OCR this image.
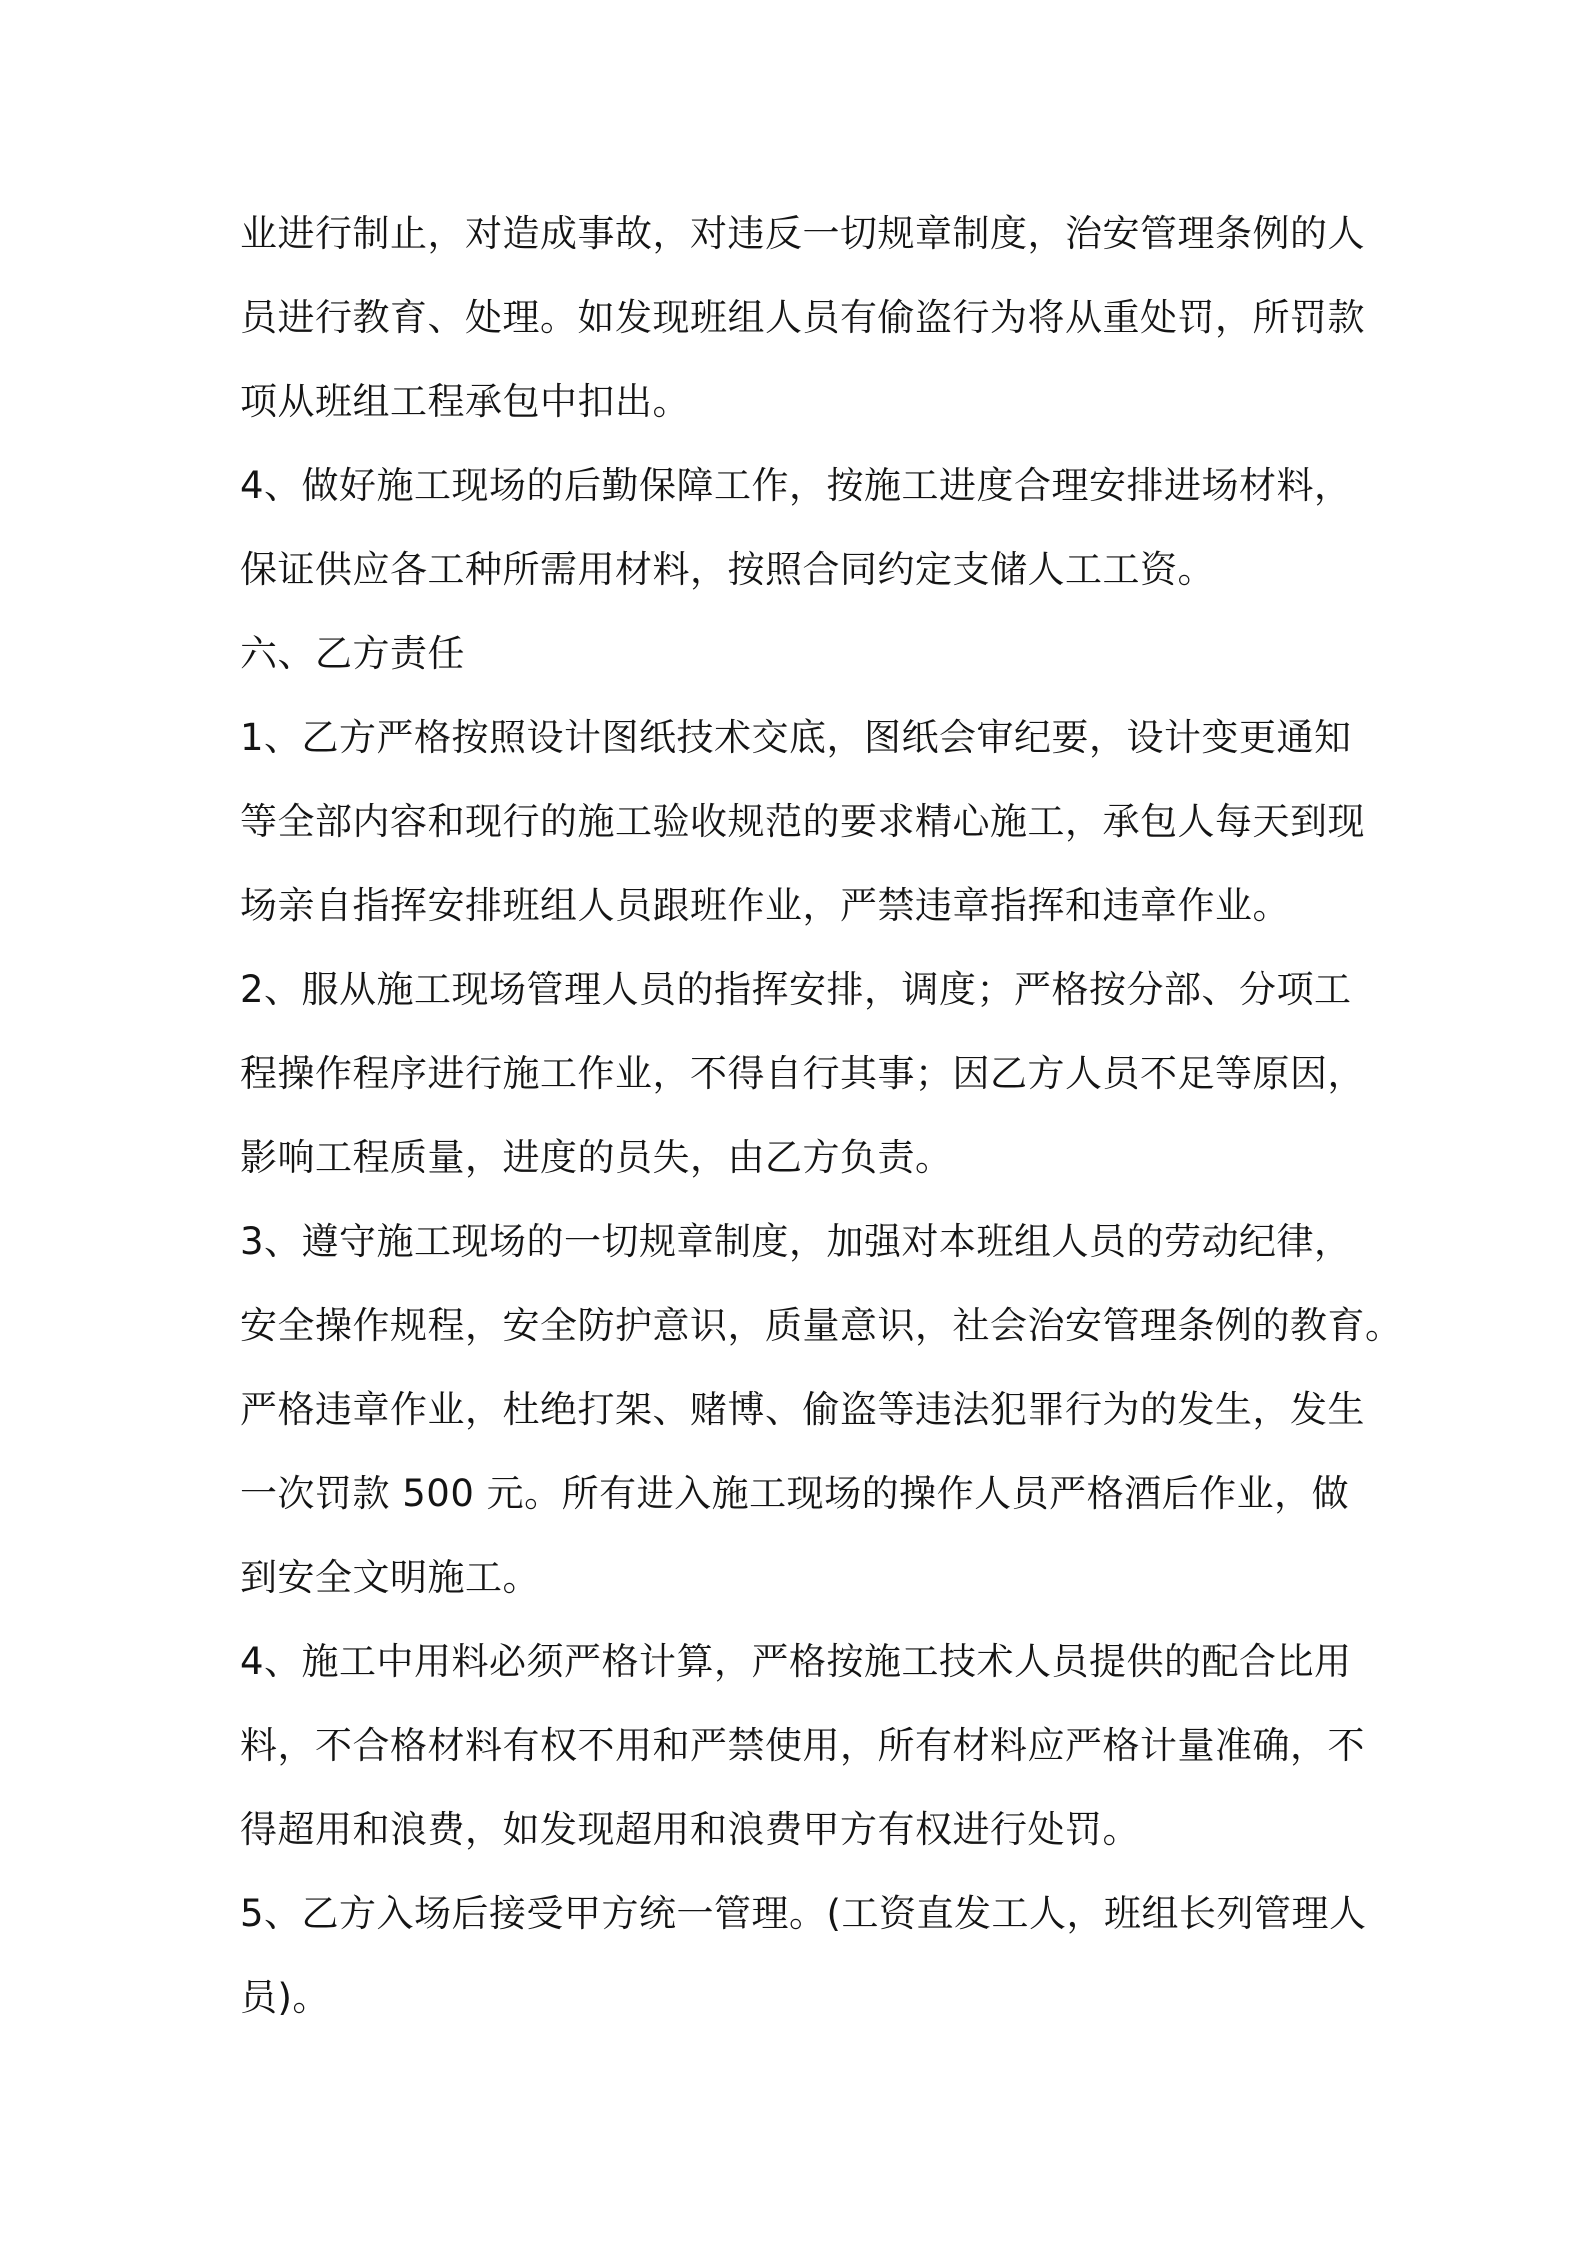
业进行制止，对造成事故，对违反一切规章制度，治安管理条例的人
员进行教育、处理。如发现班组人员有偷盗行为将从重处罚，所罚款
项从班组工程承包中扣出。
4、做好施工现场的后勤保障工作，按施工进度合理安排进场材料，
保证供应各工种所需用材料，按照合同约定支储人工工资。
六、乙方责任
1、乙方严格按照设计图纸技术交底，图纸会审纪要，设计变更通知
等全部内容和现行的施工验收规范的要求精心施工，承包人每天到现
场亲自指挥安排班组人员跟班作业，严禁违章指挥和违章作业。
2、服从施工现场管理人员的指挥安排，调度；严格按分部、分项工
程操作程序进行施工作业，不得自行其事；因乙方人员不足等原因，
影响工程质量，进度的员失，由乙方负责。
3、遵守施工现场的一切规章制度，加强对本班组人员的劳动纪律，
安全操作规程，安全防护意识，质量意识，社会治安管理条例的教育。
严格违章作业，杜绝打架、赌博、偷盗等违法犯罪行为的发生，发生
一次罚款 500 元。所有进入施工现场的操作人员严格酒后作业，做
到安全文明施工。
4、施工中用料必须严格计算，严格按施工技术人员提供的配合比用
料，不合格材料有权不用和严禁使用，所有材料应严格计量准确，不
得超用和浪费，如发现超用和浪费甲方有权进行处罚。
5、乙方入场后接受甲方统一管理。(工资直发工人，班组长列管理人
员)。
